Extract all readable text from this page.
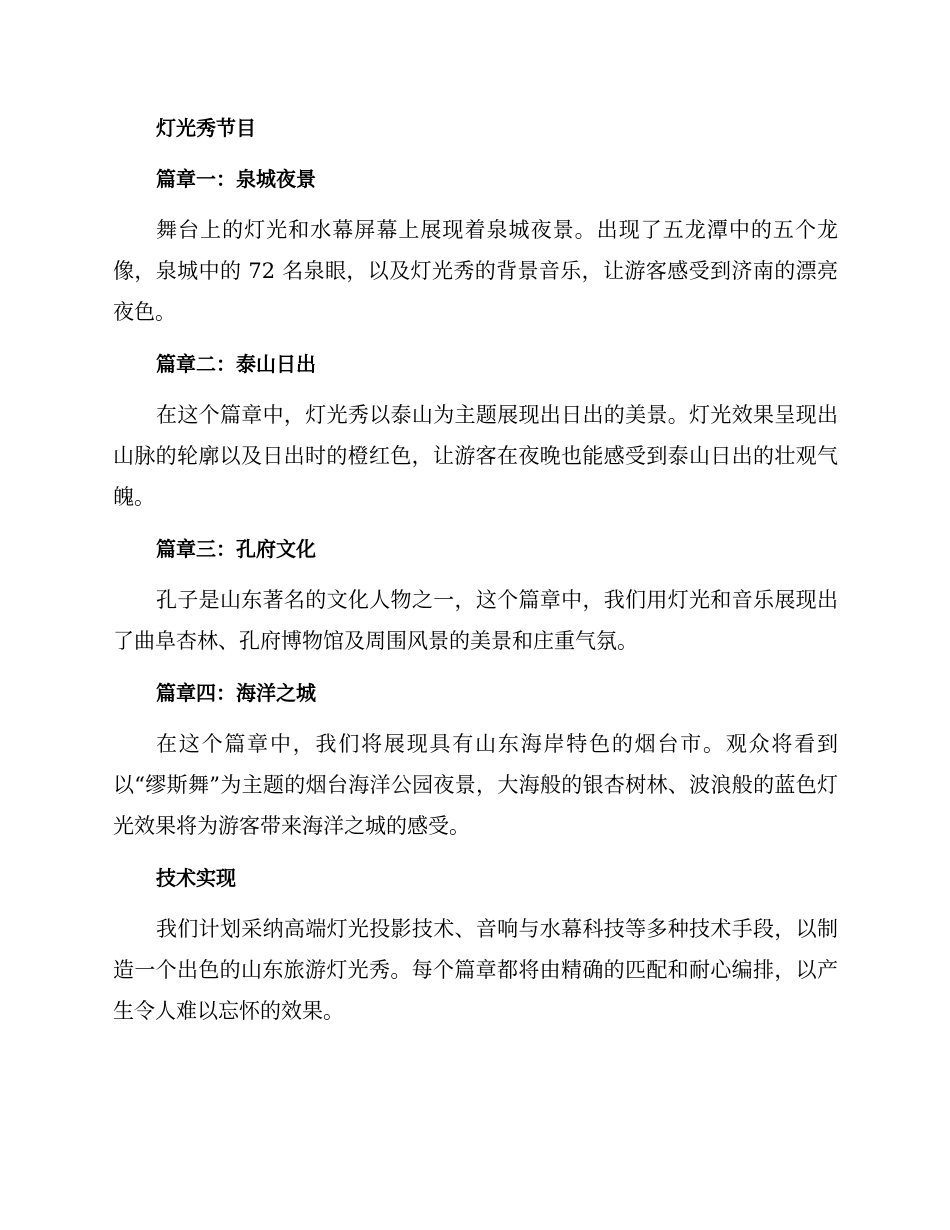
灯光秀节目
篇章一：泉城夜景

舞台上的灯光和水幕屏幕上展现着泉城夜景。出现了五龙潭中的五个龙像，泉城中的 72 名泉眼，以及灯光秀的背景音乐，让游客感受到济南的漂亮夜色。

篇章二：泰山日出

在这个篇章中，灯光秀以泰山为主题展现出日出的美景。灯光效果呈现出山脉的轮廓以及日出时的橙红色，让游客在夜晚也能感受到泰山日出的壮观气魄。

篇章三：孔府文化

孔子是山东著名的文化人物之一，这个篇章中，我们用灯光和音乐展现出了曲阜杏林、孔府博物馆及周围风景的美景和庄重气氛。

篇章四：海洋之城

在这个篇章中，我们将展现具有山东海岸特色的烟台市。观众将看到以“缪斯舞”为主题的烟台海洋公园夜景，大海般的银杏树林、波浪般的蓝色灯光效果将为游客带来海洋之城的感受。

技术实现

我们计划采纳高端灯光投影技术、音响与水幕科技等多种技术手段，以制造一个出色的山东旅游灯光秀。每个篇章都将由精确的匹配和耐心编排，以产生令人难以忘怀的效果。
